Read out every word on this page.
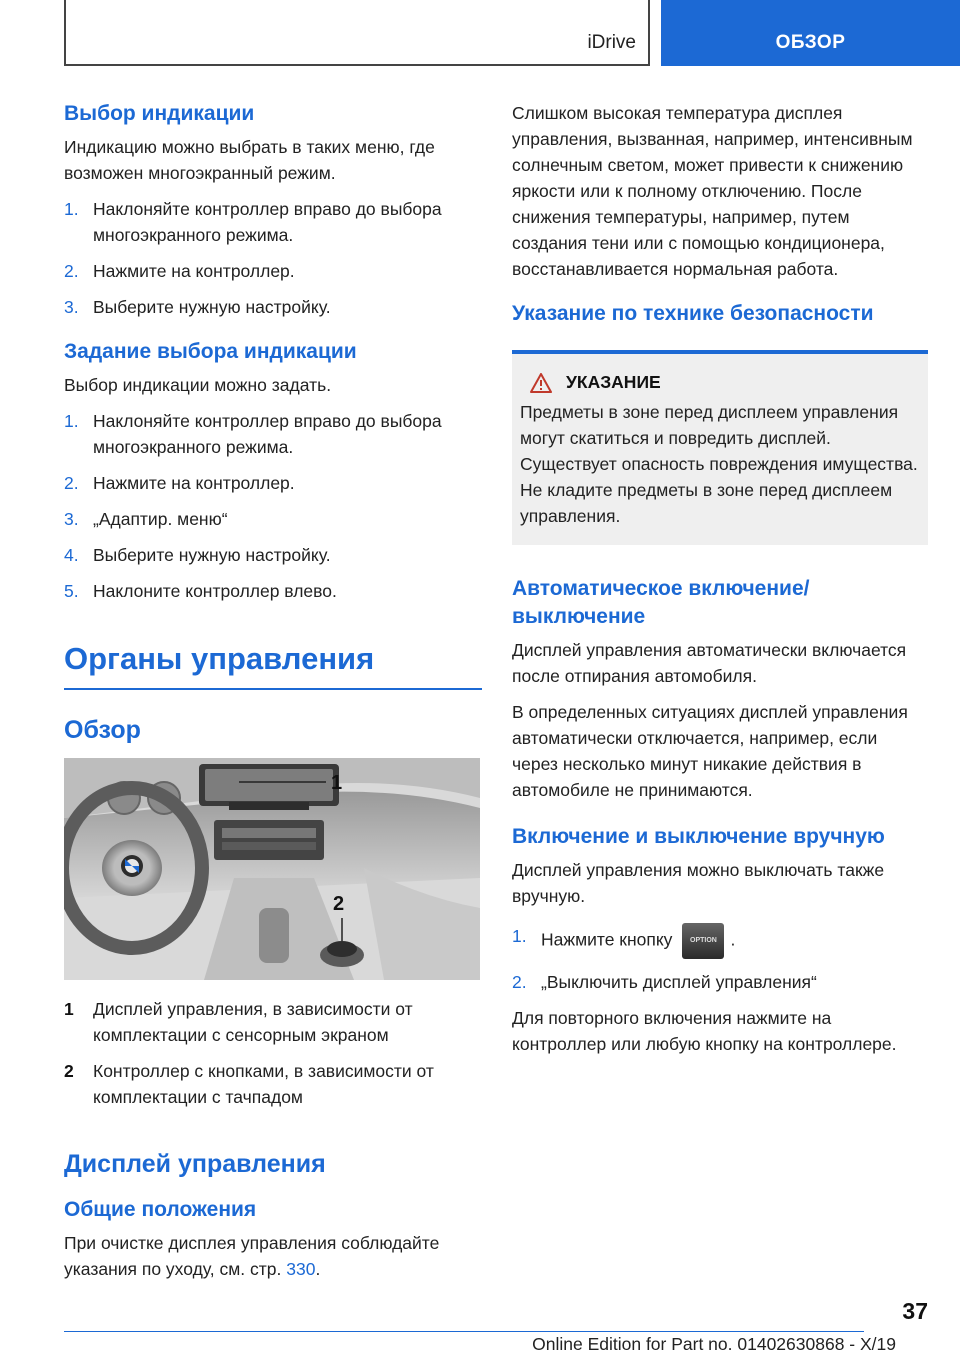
iDrive	ОБЗОР
Выбор индикации

Индикацию можно выбрать в таких меню, где возможен многоэкранный режим.

1. Наклоняйте контроллер вправо до выбора многоэкранного режима.
2. Нажмите на контроллер.
3. Выберите нужную настройку.
Задание выбора индикации

Выбор индикации можно задать.

1. Наклоняйте контроллер вправо до выбора многоэкранного режима.
2. Нажмите на контроллер.
3. „Адаптир. меню“
4. Выберите нужную настройку.
5. Наклоните контроллер влево.
Органы управления
Обзор
1
2
1 Дисплей управления, в зависимости от комплектации с сенсорным экраном
2 Контроллер с кнопками, в зависимости от комплектации с тачпадом
Дисплей управления
Общие положения

При очистке дисплея управления соблюдайте указания по уходу, см. стр. 330.

Слишком высокая температура дисплея управления, вызванная, например, интенсивным солнечным светом, может привести к снижению яркости или к полному отключению. После снижения температуры, например, путем создания тени или с помощью кондиционера, восстанавливается нормальная работа.

Указание по технике безопасности
УКАЗАНИЕ

Предметы в зоне перед дисплеем управления могут скатиться и повредить дисплей. Существует опасность повреждения имущества. Не кладите предметы в зоне перед дисплеем управления.

Автоматическое включение/выключение

Дисплей управления автоматически включается после отпирания автомобиля.

В определенных ситуациях дисплей управления автоматически отключается, например, если через несколько минут никакие действия в автомобиле не принимаются.

Включение и выключение вручную

Дисплей управления можно выключать также вручную.

1. Нажмите кнопку	OPTION .
2. „Выключить дисплей управления“

Для повторного включения нажмите на контроллер или любую кнопку на контроллере.

37
Online Edition for Part no. 01402630868 - X/19
